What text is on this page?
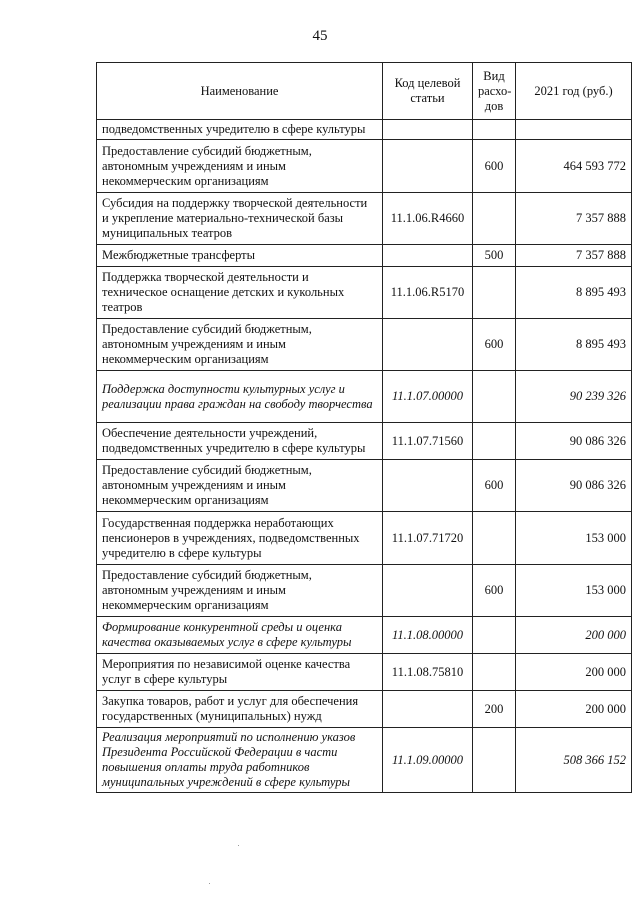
45
Наименование	Код целевой статьи	Вид расхо-дов	2021 год (руб.)
подведомственных учредителю в сфере культуры			
Предоставление субсидий бюджетным, автономным учреждениям и иным некоммерческим организациям		600	464 593 772
Субсидия на поддержку творческой деятельности и укрепление материально-технической базы муниципальных театров	11.1.06.R4660		7 357 888
Межбюджетные трансферты		500	7 357 888
Поддержка творческой деятельности и техническое оснащение детских и кукольных театров	11.1.06.R5170		8 895 493
Предоставление субсидий бюджетным, автономным учреждениям и иным некоммерческим организациям		600	8 895 493
Поддержка доступности культурных услуг и реализации права граждан на свободу творчества	11.1.07.00000		90 239 326
Обеспечение деятельности учреждений, подведомственных учредителю в сфере культуры	11.1.07.71560		90 086 326
Предоставление субсидий бюджетным, автономным учреждениям и иным некоммерческим организациям		600	90 086 326
Государственная поддержка неработающих пенсионеров в учреждениях, подведомственных учредителю в сфере культуры	11.1.07.71720		153 000
Предоставление субсидий бюджетным, автономным учреждениям и иным некоммерческим организациям		600	153 000
Формирование конкурентной среды и оценка качества оказываемых услуг в сфере культуры	11.1.08.00000		200 000
Мероприятия по независимой оценке качества услуг в сфере культуры	11.1.08.75810		200 000
Закупка товаров, работ и услуг для обеспечения государственных (муниципальных) нужд		200	200 000
Реализация мероприятий по исполнению указов Президента Российской Федерации в части повышения оплаты труда работников муниципальных учреждений в сфере культуры	11.1.09.00000		508 366 152
